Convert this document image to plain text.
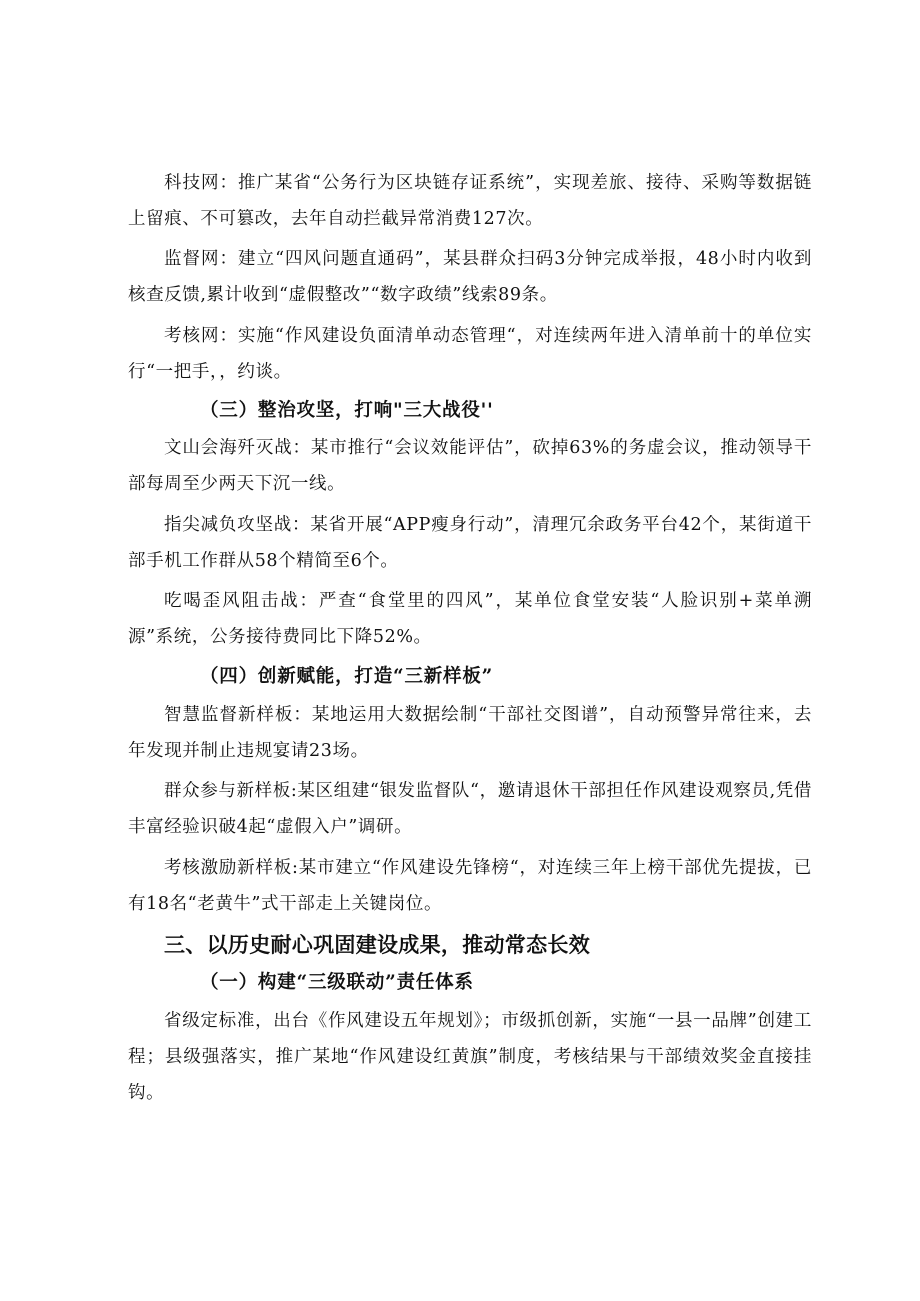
科技网：推广某省“公务行为区块链存证系统”，实现差旅、接待、采购等数据链上留痕、不可篡改，去年自动拦截异常消费127次。

监督网：建立“四风问题直通码”，某县群众扫码3分钟完成举报，48小时内收到核查反馈,累计收到“虚假整改”“数字政绩”线索89条。

考核网：实施“作风建设负面清单动态管理“，对连续两年进入清单前十的单位实行“一把手，，约谈。

（三）整治攻坚，打响"三大战役''

文山会海歼灭战：某市推行“会议效能评估”，砍掉63%的务虚会议，推动领导干部每周至少两天下沉一线。

指尖减负攻坚战：某省开展“APP瘦身行动”，清理冗余政务平台42个，某街道干部手机工作群从58个精简至6个。

吃喝歪风阻击战：严查“食堂里的四风”，某单位食堂安装“人脸识别+菜单溯源”系统，公务接待费同比下降52%。

（四）创新赋能，打造“三新样板”

智慧监督新样板：某地运用大数据绘制“干部社交图谱”，自动预警异常往来，去年发现并制止违规宴请23场。

群众参与新样板:某区组建“银发监督队“，邀请退休干部担任作风建设观察员,凭借丰富经验识破4起“虚假入户”调研。

考核激励新样板:某市建立“作风建设先锋榜“，对连续三年上榜干部优先提拔，已有18名“老黄牛”式干部走上关键岗位。

三、以历史耐心巩固建设成果，推动常态长效
（一）构建“三级联动”责任体系

省级定标准，出台《作风建设五年规划》；市级抓创新，实施“一县一品牌”创建工程；县级强落实，推广某地“作风建设红黄旗”制度，考核结果与干部绩效奖金直接挂钩。
